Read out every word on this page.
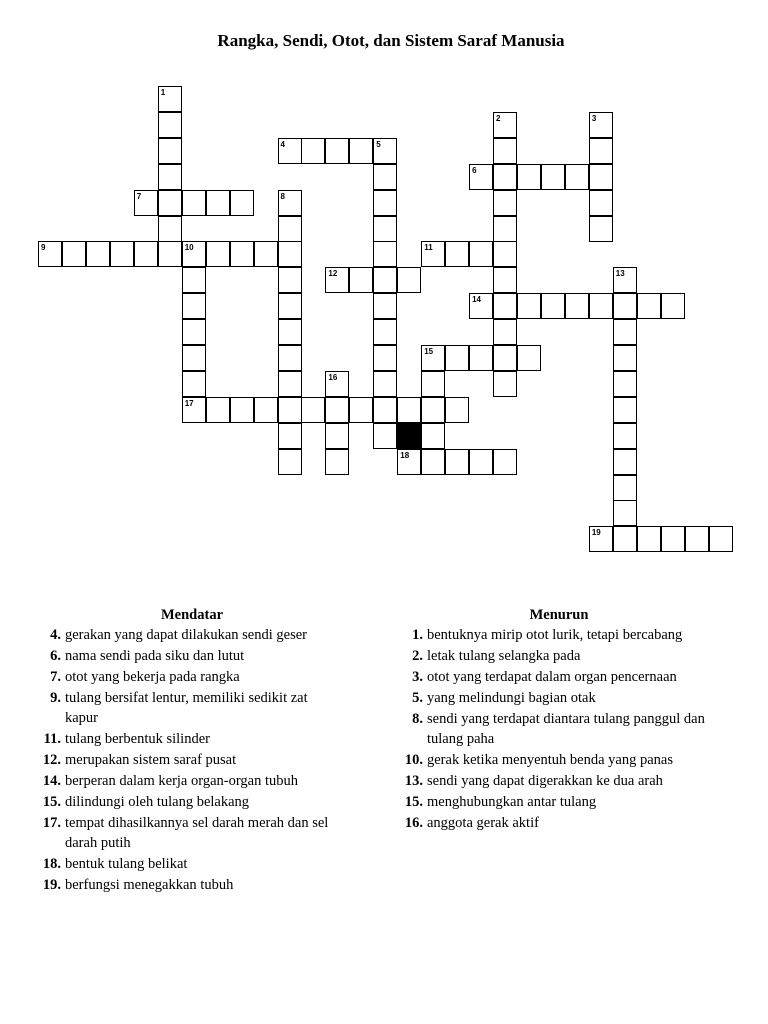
Rangka, Sendi, Otot, dan Sistem Saraf Manusia
4	5
6
7
9	10	11
12
14
15
17
18
19
1
2	3
8
13
16
Mendatar
4. gerakan yang dapat dilakukan sendi geser
6. nama sendi pada siku dan lutut
7. otot yang bekerja pada rangka
9. tulang bersifat lentur, memiliki sedikit zat kapur
11. tulang berbentuk silinder
12. merupakan sistem saraf pusat
14. berperan dalam kerja organ-organ tubuh
15. dilindungi oleh tulang belakang
17. tempat dihasilkannya sel darah merah dan sel darah putih
18. bentuk tulang belikat
19. berfungsi menegakkan tubuh
Menurun
1. bentuknya mirip otot lurik, tetapi bercabang
2. letak tulang selangka pada
3. otot yang terdapat dalam organ pencernaan
5. yang melindungi bagian otak
8. sendi yang terdapat diantara tulang panggul dan tulang paha
10. gerak ketika menyentuh benda yang panas
13. sendi yang dapat digerakkan ke dua arah
15. menghubungkan antar tulang
16. anggota gerak aktif
